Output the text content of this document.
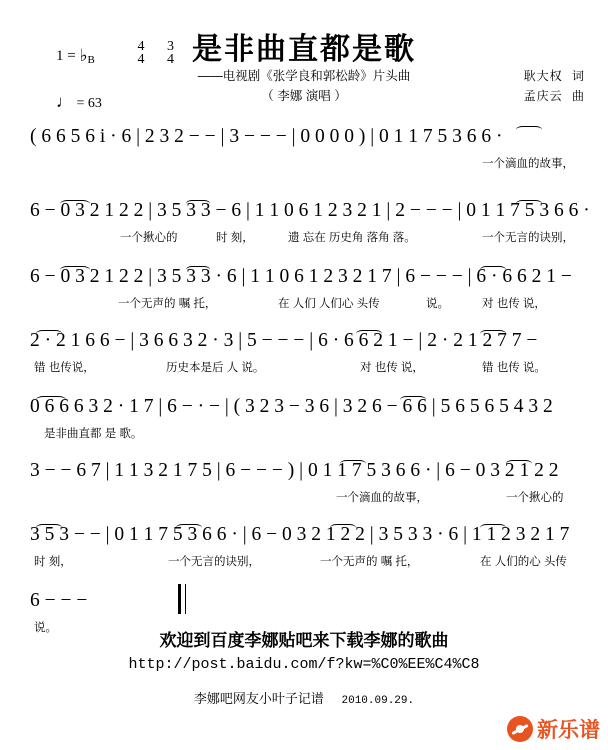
是非曲直都是歌
——电视剧《张学良和郭松龄》片头曲
（ 李娜 演唱 ）
耿大权 词
孟庆云 曲
$1 = ♭_B$
4 3
4 4
♩ = 63
( 6 6 5 6 i · 6 | 2 3 2 − − | 3 − − − | 0 0 0 0 ) | 0 1 1 7 5 3 6 6 ·
一个滴血的故事，
6 − 0 3 2 1 2 2 | 3 5 3 3 − 6 | 1 1 0 6 1 2 3 2 1 | 2 − − − | 0 1 1 7 5 3 6 6 ·
一个揪心的	时 刻，	遗 忘在 历史角 落角 落。	一个无言的诀别，
6 − 0 3 2 1 2 2 | 3 5 3 3 · 6 | 1 1 0 6 1 2 3 2 1 7 | 6 − − − | 6 · 6 6 2 1 −
一个无声的 嘱 托，	在 人们 人们心 头传	说。	对 也传 说，
2 · 2 1 6 6 − | 3 6 6 3 2 · 3 | 5 − − − | 6 · 6 6 2 1 − | 2 · 2 1 2 7 7 −
错 也传说，	历史本是后 人 说。	对 也传 说，	错 也传 说。
0 6 6 6 3 2 · 1 7 | 6 − · − | ( 3 2 3 − 3 6 | 3 2 6 − 6 6 | 5 6 5 6 5 4 3 2
是非曲直都 是 歌。
3 − − 6 7 | 1 1 3 2 1 7 5 | 6 − − − ) | 0 1 1 7 5 3 6 6 · | 6 − 0 3 2 1 2 2
一个滴血的故事，	一个揪心的
3 5 3 − − | 0 1 1 7 5 3 6 6 · | 6 − 0 3 2 1 2 2 | 3 5 3 3 · 6 | 1 1 2 3 2 1 7
时 刻，	一个无言的诀别，	一个无声的 嘱 托，	在 人们的心 头传
6 − − −
说。
欢迎到百度李娜贴吧来下载李娜的歌曲
http://post.baidu.com/f?kw=%C0%EE%C4%C8
李娜吧网友小叶子记谱 2010.09.29.
新乐谱
